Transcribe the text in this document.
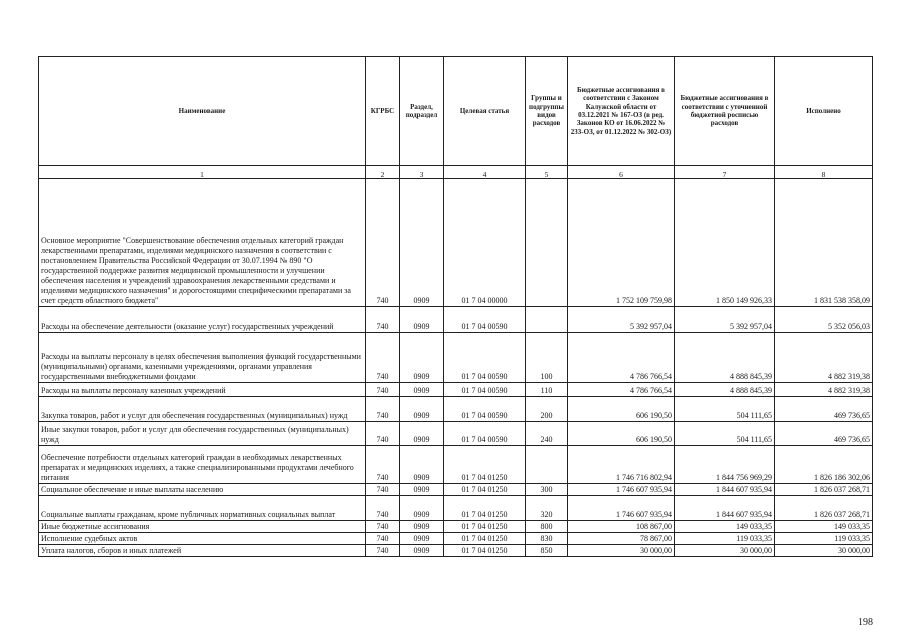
Наименование	КГРБС	Раздел, подраздел	Целевая статья	Группы и подгруппы видов расходов	Бюджетные ассигнования в соответствии с Законом Калужской области от 03.12.2021 № 167-ОЗ (в ред. Законов КО от 16.06.2022 № 233-ОЗ, от 01.12.2022 № 302-ОЗ)	Бюджетные ассигнования в соответствии с уточненной бюджетной росписью расходов	Исполнено
1	2	3	4	5	6	7	8
Основное мероприятие "Совершенствование обеспечения отдельных категорий граждан лекарственными препаратами, изделиями медицинского назначения в соответствии с постановлением Правительства Российской Федерации от 30.07.1994 № 890 "О государственной поддержке развития медицинской промышленности и улучшении обеспечения населения и учреждений здравоохранения лекарственными средствами и изделиями медицинского назначения" и дорогостоящими специфическими препаратами за счет средств областного бюджета"	740	0909	01 7 04 00000		1 752 109 759,98	1 850 149 926,33	1 831 538 358,09
Расходы на обеспечение деятельности (оказание услуг) государственных учреждений	740	0909	01 7 04 00590		5 392 957,04	5 392 957,04	5 352 056,03
Расходы на выплаты персоналу в целях обеспечения выполнения функций государственными (муниципальными) органами, казенными учреждениями, органами управления государственными внебюджетными фондами	740	0909	01 7 04 00590	100	4 786 766,54	4 888 845,39	4 882 319,38
Расходы на выплаты персоналу казенных учреждений	740	0909	01 7 04 00590	110	4 786 766,54	4 888 845,39	4 882 319,38
Закупка товаров, работ и услуг для обеспечения государственных (муниципальных) нужд	740	0909	01 7 04 00590	200	606 190,50	504 111,65	469 736,65
Иные закупки товаров, работ и услуг для обеспечения государственных (муниципальных) нужд	740	0909	01 7 04 00590	240	606 190,50	504 111,65	469 736,65
Обеспечение потребности отдельных категорий граждан в необходимых лекарственных препаратах и медицинских изделиях, а также специализированными продуктами лечебного питания	740	0909	01 7 04 01250		1 746 716 802,94	1 844 756 969,29	1 826 186 302,06
Социальное обеспечение и иные выплаты населению	740	0909	01 7 04 01250	300	1 746 607 935,94	1 844 607 935,94	1 826 037 268,71
Социальные выплаты гражданам, кроме публичных нормативных социальных выплат	740	0909	01 7 04 01250	320	1 746 607 935,94	1 844 607 935,94	1 826 037 268,71
Иные бюджетные ассигнования	740	0909	01 7 04 01250	800	108 867,00	149 033,35	149 033,35
Исполнение судебных актов	740	0909	01 7 04 01250	830	78 867,00	119 033,35	119 033,35
Уплата налогов, сборов и иных платежей	740	0909	01 7 04 01250	850	30 000,00	30 000,00	30 000,00
198
